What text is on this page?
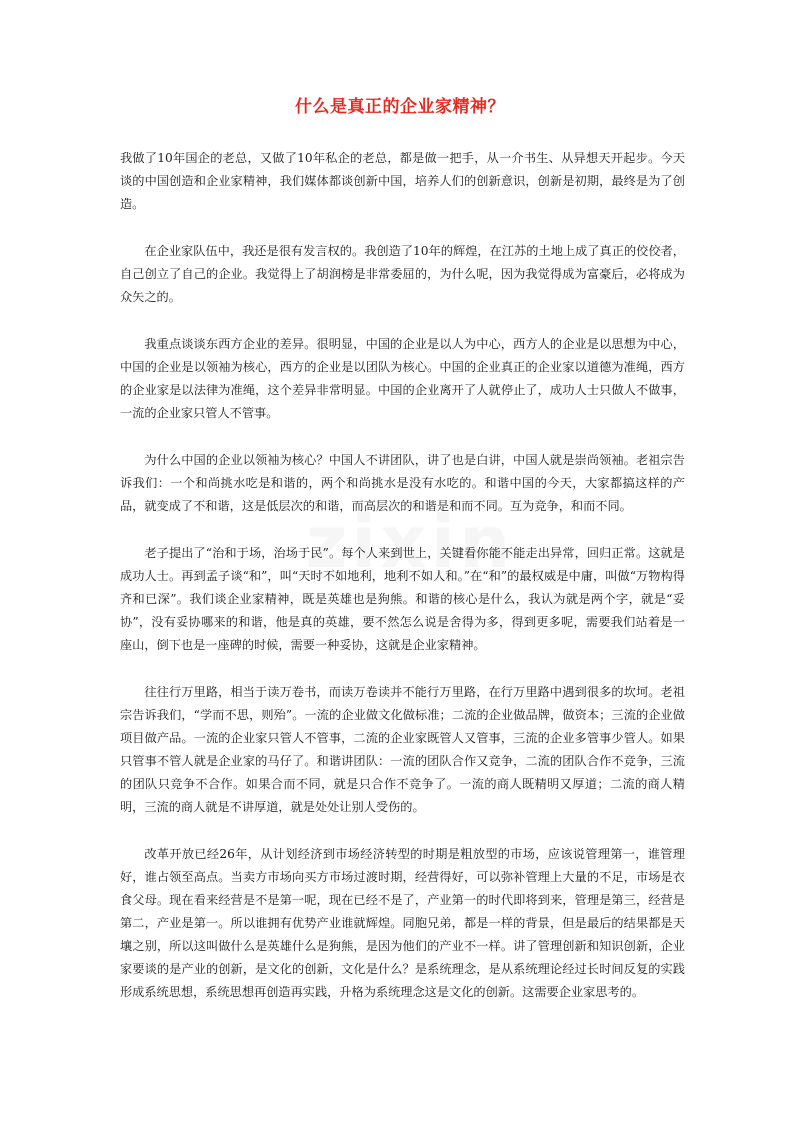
什么是真正的企业家精神？

我做了10年国企的老总，又做了10年私企的老总，都是做一把手，从一介书生、从异想天开起步。今天谈的中国创造和企业家精神，我们媒体都谈创新中国，培养人们的创新意识，创新是初期，最终是为了创造。

在企业家队伍中，我还是很有发言权的。我创造了10年的辉煌，在江苏的土地上成了真正的佼佼者，自己创立了自己的企业。我觉得上了胡润榜是非常委屈的，为什么呢，因为我觉得成为富豪后，必将成为众矢之的。

我重点谈谈东西方企业的差异。很明显，中国的企业是以人为中心，西方人的企业是以思想为中心，中国的企业是以领袖为核心，西方的企业是以团队为核心。中国的企业真正的企业家以道德为准绳，西方的企业家是以法律为准绳，这个差异非常明显。中国的企业离开了人就停止了，成功人士只做人不做事，一流的企业家只管人不管事。

为什么中国的企业以领袖为核心？中国人不讲团队，讲了也是白讲，中国人就是崇尚领袖。老祖宗告诉我们：一个和尚挑水吃是和谐的，两个和尚挑水是没有水吃的。和谐中国的今天，大家都搞这样的产品，就变成了不和谐，这是低层次的和谐，而高层次的和谐是和而不同。互为竞争，和而不同。

老子提出了“治和于场，治场于民”。每个人来到世上，关键看你能不能走出异常，回归正常。这就是成功人士。再到孟子谈“和”，叫“天时不如地利，地利不如人和。”在“和”的最权威是中庸，叫做“万物构得齐和已深”。我们谈企业家精神，既是英雄也是狗熊。和谐的核心是什么，我认为就是两个字，就是“妥协”，没有妥协哪来的和谐，他是真的英雄，要不然怎么说是舍得为多，得到更多呢，需要我们站着是一座山，倒下也是一座碑的时候，需要一种妥协，这就是企业家精神。

往往行万里路，相当于读万卷书，而读万卷读并不能行万里路，在行万里路中遇到很多的坎坷。老祖宗告诉我们，“学而不思，则殆”。一流的企业做文化做标准；二流的企业做品牌，做资本；三流的企业做项目做产品。一流的企业家只管人不管事，二流的企业家既管人又管事，三流的企业多管事少管人。如果只管事不管人就是企业家的马仔了。和谐讲团队：一流的团队合作又竞争，二流的团队合作不竞争，三流的团队只竞争不合作。如果合而不同，就是只合作不竞争了。一流的商人既精明又厚道；二流的商人精明，三流的商人就是不讲厚道，就是处处让别人受伤的。

改革开放已经26年，从计划经济到市场经济转型的时期是粗放型的市场，应该说管理第一，谁管理好，谁占领至高点。当卖方市场向买方市场过渡时期，经营得好，可以弥补管理上大量的不足，市场是衣食父母。现在看来经营是不是第一呢，现在已经不是了，产业第一的时代即将到来，管理是第三，经营是第二，产业是第一。所以谁拥有优势产业谁就辉煌。同胞兄弟，都是一样的背景，但是最后的结果都是天壤之别，所以这叫做什么是英雄什么是狗熊，是因为他们的产业不一样。讲了管理创新和知识创新，企业家要谈的是产业的创新，是文化的创新，文化是什么？是系统理念，是从系统理论经过长时间反复的实践形成系统思想，系统思想再创造再实践，升格为系统理念这是文化的创新。这需要企业家思考的。
